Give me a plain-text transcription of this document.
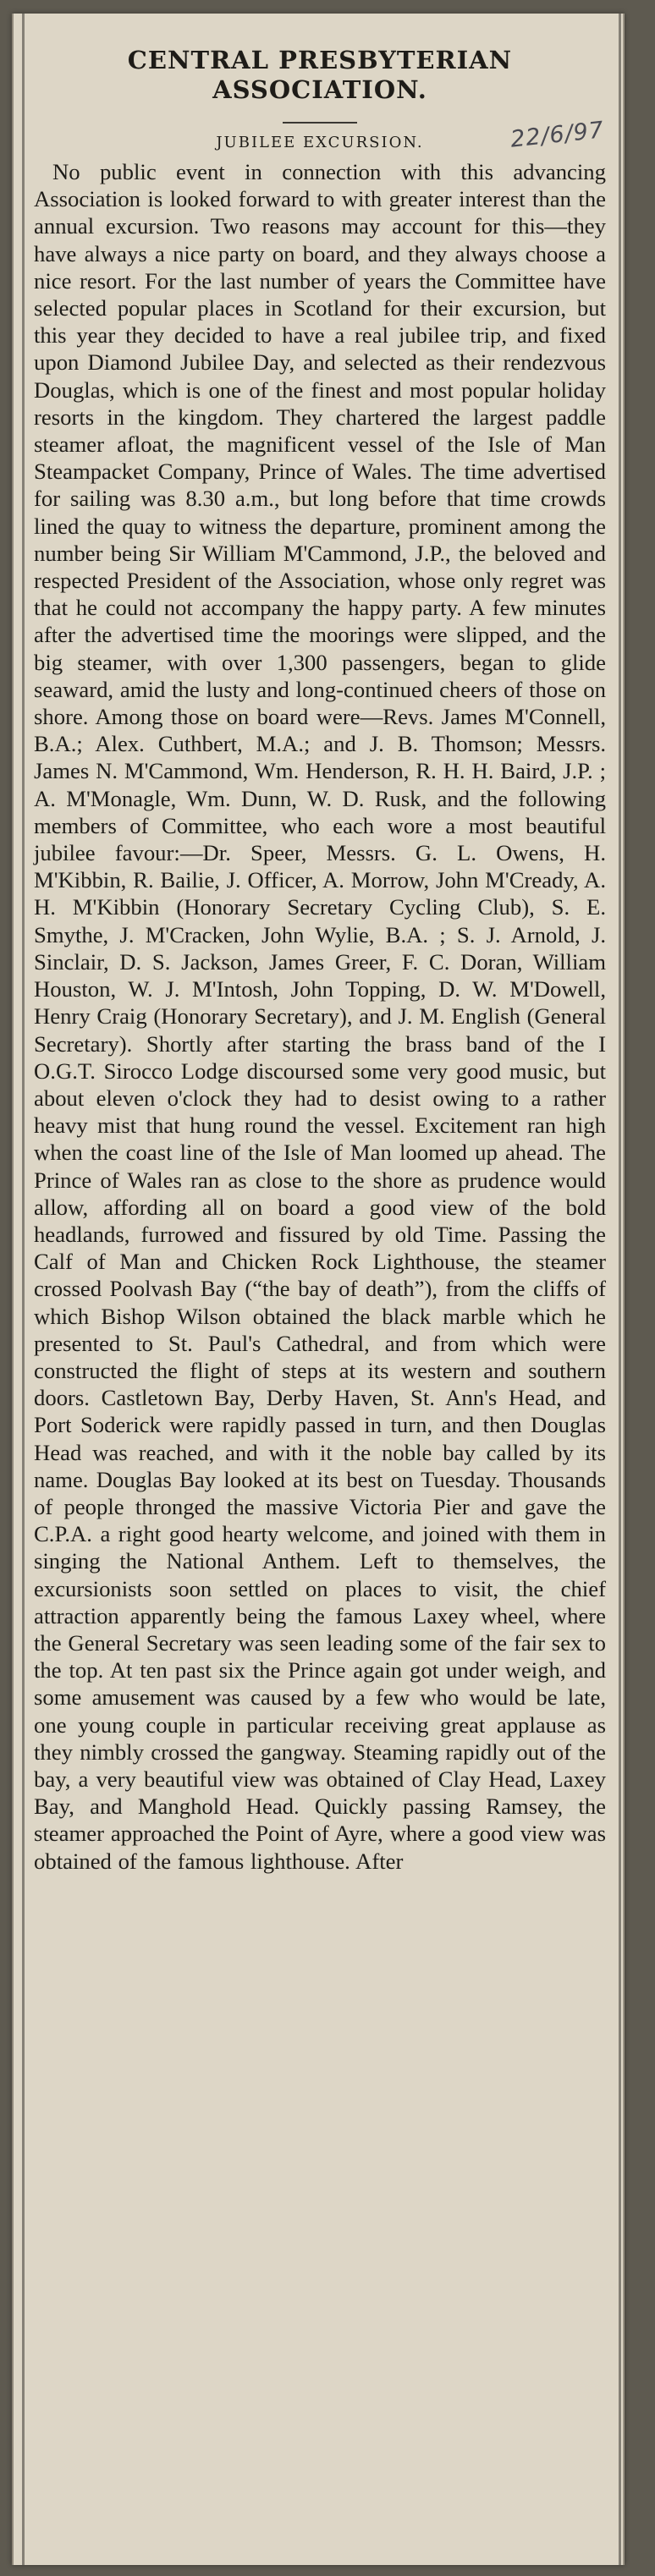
22/6/97
CENTRAL PRESBYTERIAN
ASSOCIATION.
JUBILEE EXCURSION.

No public event in connection with this advancing Association is looked forward to with greater interest than the annual excursion. Two reasons may account for this—they have always a nice party on board, and they always choose a nice resort. For the last number of years the Committee have selected popular places in Scotland for their excursion, but this year they decided to have a real jubilee trip, and fixed upon Diamond Jubilee Day, and selected as their rendezvous Douglas, which is one of the finest and most popular holiday resorts in the kingdom. They chartered the largest paddle steamer afloat, the magnificent vessel of the Isle of Man Steampacket Company, Prince of Wales. The time advertised for sailing was 8.30 a.m., but long before that time crowds lined the quay to witness the departure, prominent among the number being Sir William M'Cammond, J.P., the beloved and respected President of the Association, whose only regret was that he could not accompany the happy party. A few minutes after the advertised time the moorings were slipped, and the big steamer, with over 1,300 passengers, began to glide seaward, amid the lusty and long-continued cheers of those on shore. Among those on board were—Revs. James M'Connell, B.A.; Alex. Cuthbert, M.A.; and J. B. Thomson; Messrs. James N. M'Cammond, Wm. Henderson, R. H. H. Baird, J.P. ; A. M'Monagle, Wm. Dunn, W. D. Rusk, and the following members of Committee, who each wore a most beautiful jubilee favour:—Dr. Speer, Messrs. G. L. Owens, H. M'Kibbin, R. Bailie, J. Officer, A. Morrow, John M'Cready, A. H. M'Kibbin (Honorary Secretary Cycling Club), S. E. Smythe, J. M'Cracken, John Wylie, B.A. ; S. J. Arnold, J. Sinclair, D. S. Jackson, James Greer, F. C. Doran, William Houston, W. J. M'Intosh, John Topping, D. W. M'Dowell, Henry Craig (Honorary Secretary), and J. M. English (General Secretary). Shortly after starting the brass band of the I O.G.T. Sirocco Lodge discoursed some very good music, but about eleven o'clock they had to desist owing to a rather heavy mist that hung round the vessel. Excitement ran high when the coast line of the Isle of Man loomed up ahead. The Prince of Wales ran as close to the shore as prudence would allow, affording all on board a good view of the bold headlands, furrowed and fissured by old Time. Passing the Calf of Man and Chicken Rock Lighthouse, the steamer crossed Poolvash Bay (“the bay of death”), from the cliffs of which Bishop Wilson obtained the black marble which he presented to St. Paul's Cathedral, and from which were constructed the flight of steps at its western and southern doors. Castletown Bay, Derby Haven, St. Ann's Head, and Port Soderick were rapidly passed in turn, and then Douglas Head was reached, and with it the noble bay called by its name. Douglas Bay looked at its best on Tuesday. Thousands of people thronged the massive Victoria Pier and gave the C.P.A. a right good hearty welcome, and joined with them in singing the National Anthem. Left to themselves, the excursionists soon settled on places to visit, the chief attraction apparently being the famous Laxey wheel, where the General Secretary was seen leading some of the fair sex to the top. At ten past six the Prince again got under weigh, and some amusement was caused by a few who would be late, one young couple in particular receiving great applause as they nimbly crossed the gangway. Steaming rapidly out of the bay, a very beautiful view was obtained of Clay Head, Laxey Bay, and Manghold Head. Quickly passing Ramsey, the steamer approached the Point of Ayre, where a good view was obtained of the famous lighthouse. After
